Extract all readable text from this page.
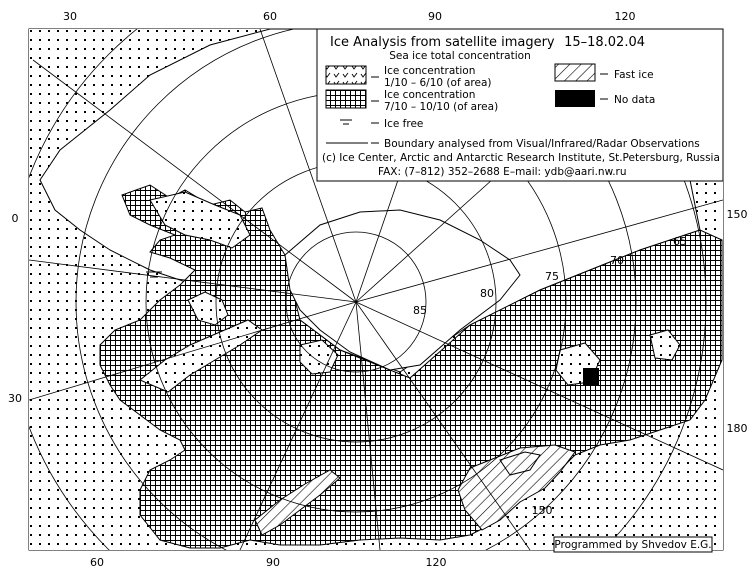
30	60	90	120
60	90	120
150
0
30
150
180
85
80
75
70
65
Ice Analysis from satellite imagery 15–18.02.04
Sea ice total concentration
Ice concentration
1/10 – 6/10 (of area)
Ice concentration
7/10 – 10/10 (of area)
Ice free
Fast ice
No data
Boundary analysed from Visual/Infrared/Radar Observations
(c) Ice Center, Arctic and Antarctic Research Institute, St.Petersburg, Russia
FAX: (7–812) 352–2688 E–mail: ydb@aari.nw.ru
Programmed by Shvedov E.G.
